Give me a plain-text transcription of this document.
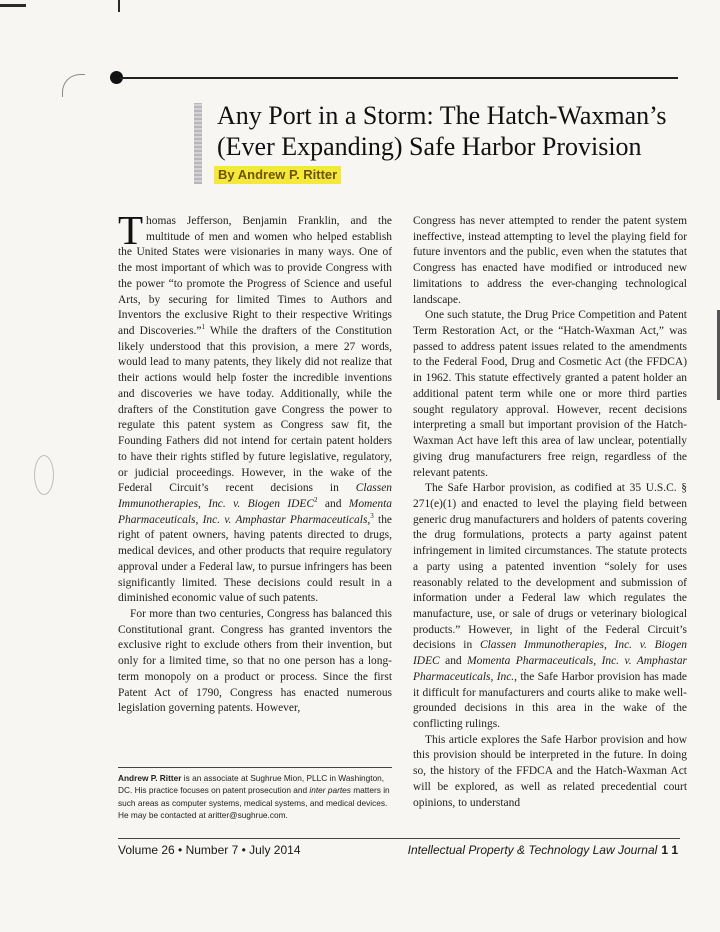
Any Port in a Storm: The Hatch-Waxman’s
(Ever Expanding) Safe Harbor Provision
By Andrew P. Ritter

Thomas Jefferson, Benjamin Franklin, and the multitude of men and women who helped establish the United States were visionaries in many ways. One of the most important of which was to provide Congress with the power “to promote the Progress of Science and useful Arts, by securing for limited Times to Authors and Inventors the exclusive Right to their respective Writings and Discoveries.”$^1$ While the drafters of the Constitution likely understood that this provision, a mere 27 words, would lead to many patents, they likely did not realize that their actions would help foster the incredible inventions and discoveries we have today. Additionally, while the drafters of the Constitution gave Congress the power to regulate this patent system as Congress saw fit, the Founding Fathers did not intend for certain patent holders to have their rights stifled by future legislative, regulatory, or judicial proceedings. However, in the wake of the Federal Circuit’s recent decisions in Classen Immunotherapies, Inc. v. Biogen IDEC$^2$ and Momenta Pharmaceuticals, Inc. v. Amphastar Pharmaceuticals,$^3$ the right of patent owners, having patents directed to drugs, medical devices, and other products that require regulatory approval under a Federal law, to pursue infringers has been significantly limited. These decisions could result in a diminished economic value of such patents.

For more than two centuries, Congress has balanced this Constitutional grant. Congress has granted inventors the exclusive right to exclude others from their invention, but only for a limited time, so that no one person has a long-term monopoly on a product or process. Since the first Patent Act of 1790, Congress has enacted numerous legislation governing patents. However,

Congress has never attempted to render the patent system ineffective, instead attempting to level the playing field for future inventors and the public, even when the statutes that Congress has enacted have modified or introduced new limitations to address the ever-changing technological landscape.

One such statute, the Drug Price Competition and Patent Term Restoration Act, or the “Hatch-Waxman Act,” was passed to address patent issues related to the amendments to the Federal Food, Drug and Cosmetic Act (the FFDCA) in 1962. This statute effectively granted a patent holder an additional patent term while one or more third parties sought regulatory approval. However, recent decisions interpreting a small but important provision of the Hatch-Waxman Act have left this area of law unclear, potentially giving drug manufacturers free reign, regardless of the relevant patents.

The Safe Harbor provision, as codified at 35 U.S.C. § 271(e)(1) and enacted to level the playing field between generic drug manufacturers and holders of patents covering the drug formulations, protects a party against patent infringement in limited circumstances. The statute protects a party using a patented invention “solely for uses reasonably related to the development and submission of information under a Federal law which regulates the manufacture, use, or sale of drugs or veterinary biological products.” However, in light of the Federal Circuit’s decisions in Classen Immunotherapies, Inc. v. Biogen IDEC and Momenta Pharmaceuticals, Inc. v. Amphastar Pharmaceuticals, Inc., the Safe Harbor provision has made it difficult for manufacturers and courts alike to make well-grounded decisions in this area in the wake of the conflicting rulings.

This article explores the Safe Harbor provision and how this provision should be interpreted in the future. In doing so, the history of the FFDCA and the Hatch-Waxman Act will be explored, as well as related precedential court opinions, to understand

Andrew P. Ritter is an associate at Sughrue Mion, PLLC in Washington, DC. His practice focuses on patent prosecution and inter partes matters in such areas as computer systems, medical systems, and medical devices. He may be contacted at aritter@sughrue.com.

Volume 26 • Number 7 • July 2014	Intellectual Property & Technology Law Journal 1 1
